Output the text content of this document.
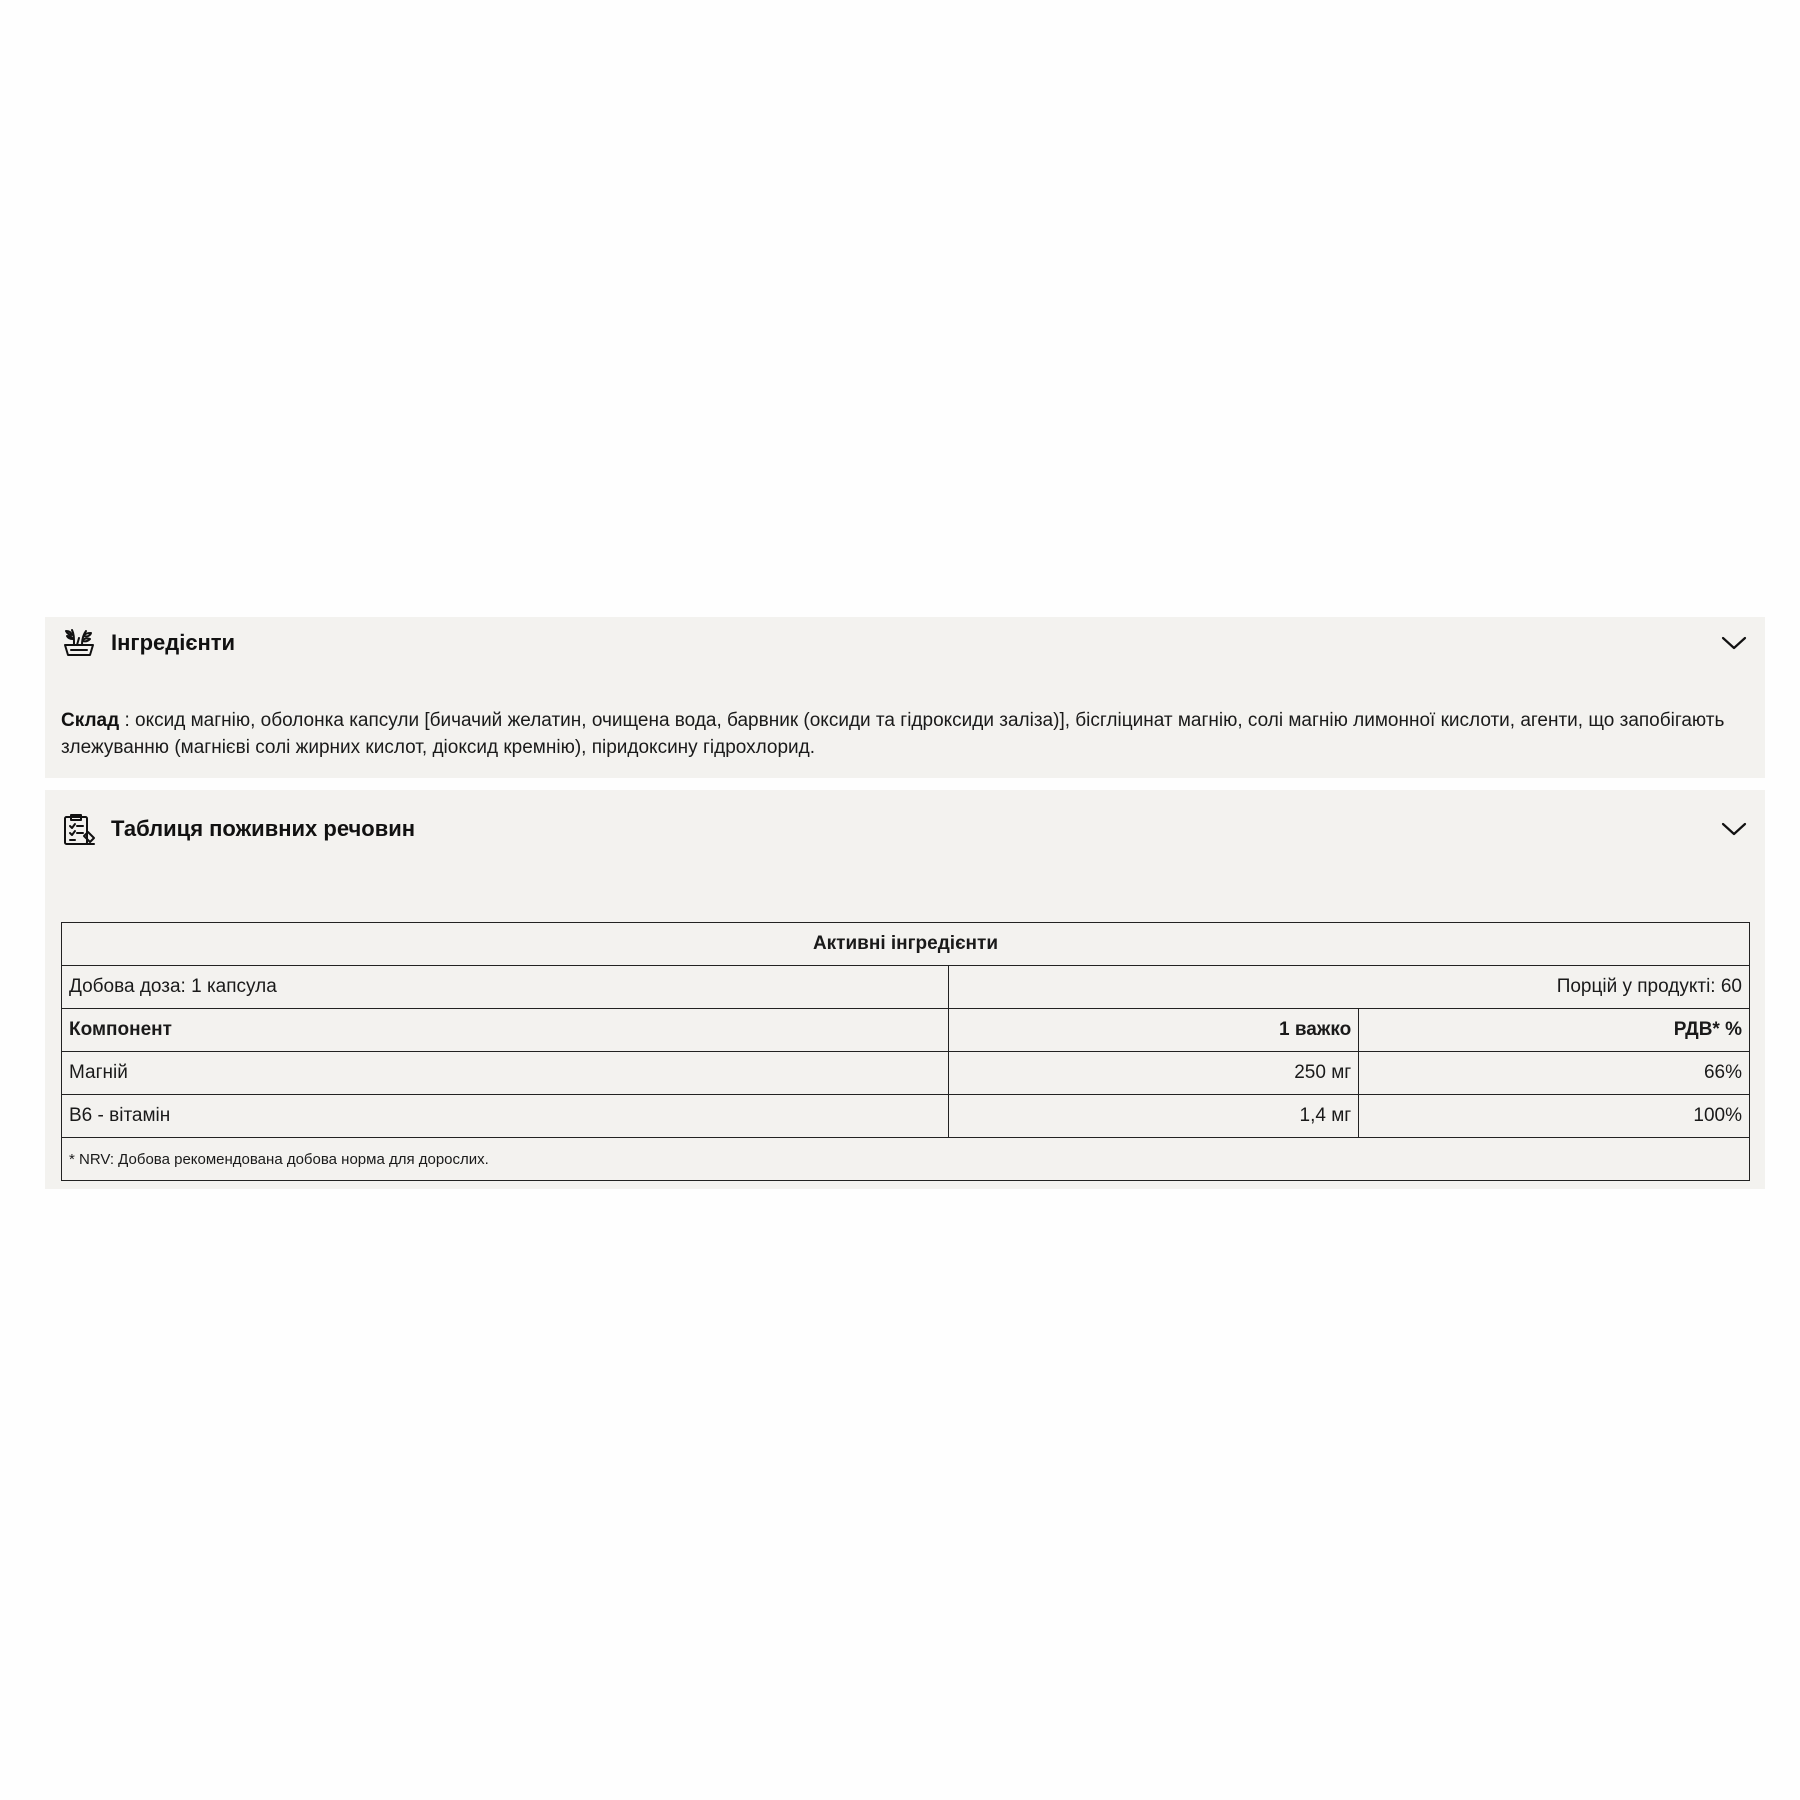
Інгредієнти

Склад : оксид магнію, оболонка капсули [бичачий желатин, очищена вода, барвник (оксиди та гідроксиди заліза)], бісгліцинат магнію, солі магнію лимонної кислоти, агенти, що запобігають злежуванню (магнієві солі жирних кислот, діоксид кремнію), піридоксину гідрохлорид.

Таблиця поживних речовин
Активні інгредієнти		
Добова доза: 1 капсула	Порцій у продукті: 60	
Компонент	1 важко	РДВ* %
Магній	250 мг	66%
B6 - вітамін	1,4 мг	100%
* NRV: Добова рекомендована добова норма для дорослих.		
